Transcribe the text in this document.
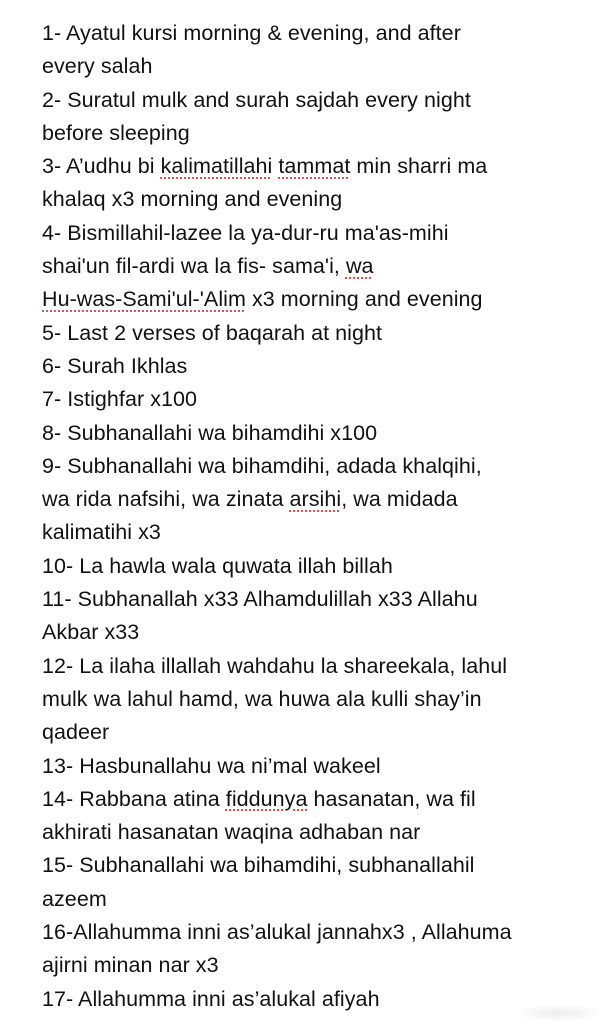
1- Ayatul kursi morning & evening, and after
every salah
2- Suratul mulk and surah sajdah every night
before sleeping
3- A’udhu bi kalimatillahi tammat min sharri ma
khalaq x3 morning and evening
4- Bismillahil-lazee la ya-dur-ru ma'as-mihi
shai'un fil-ardi wa la fis- sama'i, wa
Hu-was-Sami'ul-'Alim x3 morning and evening
5- Last 2 verses of baqarah at night
6- Surah Ikhlas
7- Istighfar x100
8- Subhanallahi wa bihamdihi x100
9- Subhanallahi wa bihamdihi, adada khalqihi,
wa rida nafsihi, wa zinata arsihi, wa midada
kalimatihi x3
10- La hawla wala quwata illah billah
11- Subhanallah x33 Alhamdulillah x33 Allahu
Akbar x33
12- La ilaha illallah wahdahu la shareekala, lahul
mulk wa lahul hamd, wa huwa ala kulli shay’in
qadeer
13- Hasbunallahu wa ni’mal wakeel
14- Rabbana atina fiddunya hasanatan, wa fil
akhirati hasanatan waqina adhaban nar
15- Subhanallahi wa bihamdihi, subhanallahil
azeem
16-Allahumma inni as’alukal jannahx3 , Allahuma
ajirni minan nar x3
17- Allahumma inni as’alukal afiyah
